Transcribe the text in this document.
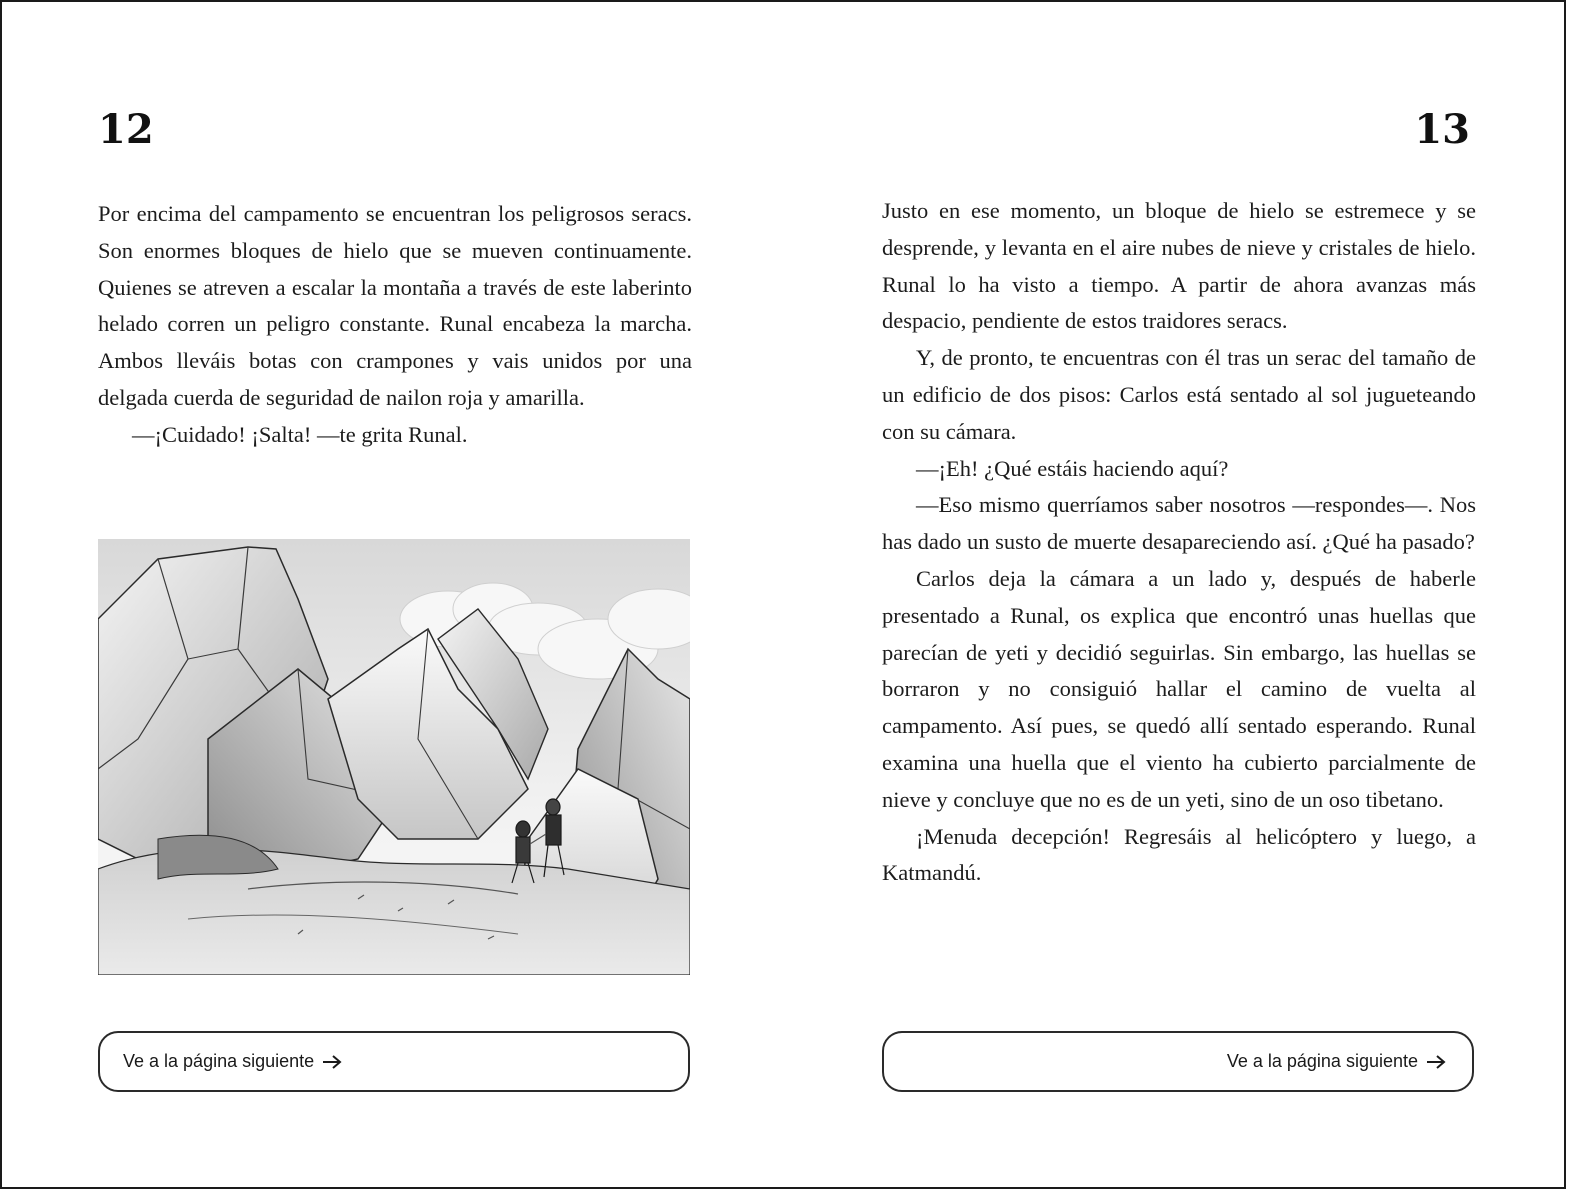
12

Por encima del campamento se encuentran los peligrosos seracs. Son enormes bloques de hielo que se mueven continuamente. Quienes se atreven a escalar la montaña a través de este laberinto helado corren un peligro constante. Runal encabeza la marcha. Ambos lleváis botas con crampones y vais unidos por una delgada cuerda de seguridad de nailon roja y amarilla.

—¡Cuidado! ¡Salta! —te grita Runal.

Ve a la página siguiente
13

Justo en ese momento, un bloque de hielo se estremece y se desprende, y levanta en el aire nubes de nieve y cristales de hielo. Runal lo ha visto a tiempo. A partir de ahora avanzas más despacio, pendiente de estos traidores seracs.

Y, de pronto, te encuentras con él tras un serac del tamaño de un edificio de dos pisos: Carlos está sentado al sol jugueteando con su cámara.

—¡Eh! ¿Qué estáis haciendo aquí?

—Eso mismo querríamos saber nosotros —respondes—. Nos has dado un susto de muerte desapareciendo así. ¿Qué ha pasado?

Carlos deja la cámara a un lado y, después de haberle presentado a Runal, os explica que encontró unas huellas que parecían de yeti y decidió seguirlas. Sin embargo, las huellas se borraron y no consiguió hallar el camino de vuelta al campamento. Así pues, se quedó allí sentado esperando. Runal examina una huella que el viento ha cubierto parcialmente de nieve y concluye que no es de un yeti, sino de un oso tibetano.

¡Menuda decepción! Regresáis al helicóptero y luego, a Katmandú.

Ve a la página siguiente
